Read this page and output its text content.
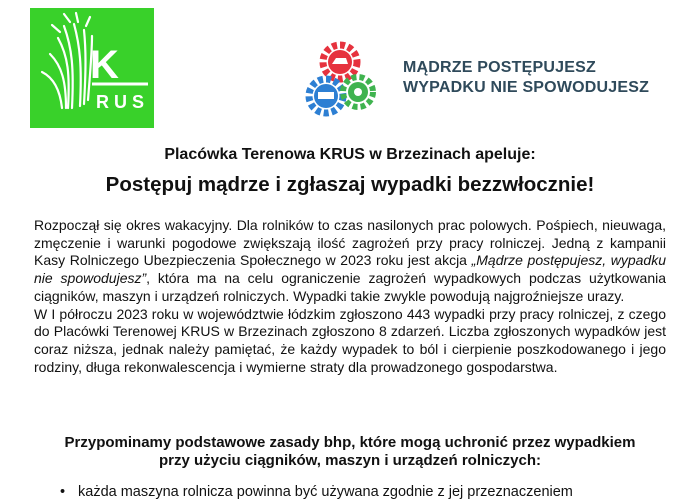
K
R U S
MĄDRZE POSTĘPUJESZ
WYPADKU NIE SPOWODUJESZ
Placówka Terenowa KRUS w Brzezinach apeluje:
Postępuj mądrze i zgłaszaj wypadki bezzwłocznie!

Rozpoczął się okres wakacyjny. Dla rolników to czas nasilonych prac polowych. Pośpiech, nieuwaga, zmęczenie i warunki pogodowe zwiększają ilość zagrożeń przy pracy rolniczej. Jedną z kampanii Kasy Rolniczego Ubezpieczenia Społecznego w 2023 roku jest akcja „Mądrze postępujesz, wypadku nie spowodujesz”, która ma na celu ograniczenie zagrożeń wypadkowych podczas użytkowania ciągników, maszyn i urządzeń rolniczych. Wypadki takie zwykle powodują najgroźniejsze urazy.

W I półroczu 2023 roku w województwie łódzkim zgłoszono 443 wypadki przy pracy rolniczej, z czego do Placówki Terenowej KRUS w Brzezinach zgłoszono 8 zdarzeń. Liczba zgłoszonych wypadków jest coraz niższa, jednak należy pamiętać, że każdy wypadek to ból i cierpienie poszkodowanego i jego rodziny, długa rekonwalescencja i wymierne straty dla prowadzonego gospodarstwa.

Przypominamy podstawowe zasady bhp, które mogą uchronić przez wypadkiem
przy użyciu ciągników, maszyn i urządzeń rolniczych:
• każda maszyna rolnicza powinna być używana zgodnie z jej przeznaczeniem
